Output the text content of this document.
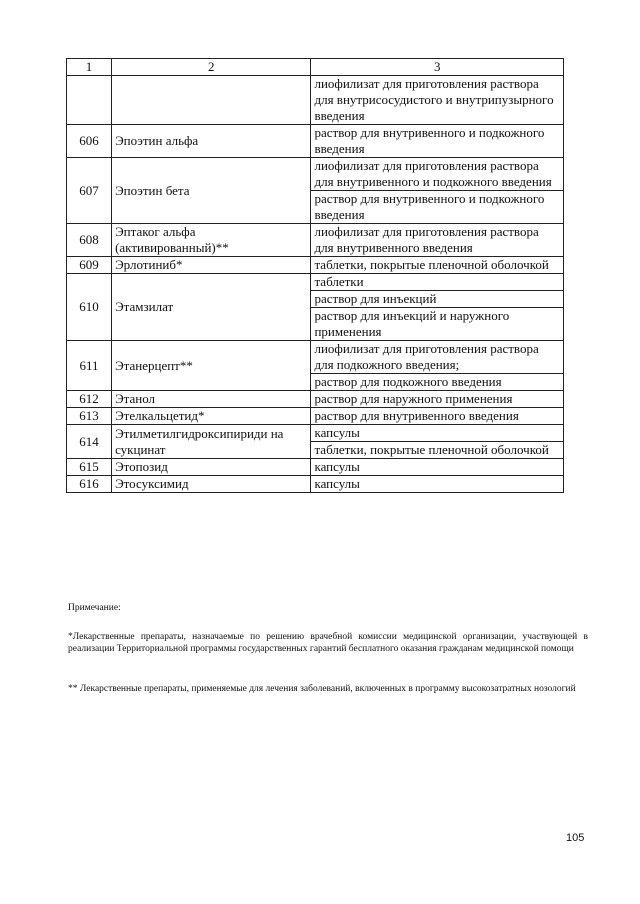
1	2	3
		лиофилизат для приготовления раствора для внутрисосудистого и внутрипузырного введения
606	Эпоэтин альфа	раствор для внутривенного и подкожного введения
607	Эпоэтин бета	лиофилизат для приготовления раствора для внутривенного и подкожного введения
		раствор для внутривенного и подкожного введения
608	Эптаког альфа (активированный)**	лиофилизат для приготовления раствора для внутривенного введения
609	Эрлотиниб*	таблетки, покрытые пленочной оболочкой
610	Этамзилат	таблетки
		раствор для инъекций
		раствор для инъекций и наружного применения
611	Этанерцепт**	лиофилизат для приготовления раствора для подкожного введения;
		раствор для подкожного введения
612	Этанол	раствор для наружного применения
613	Этелкальцетид*	раствор для внутривенного введения
614	Этилметилгидроксипириди на сукцинат	капсулы
		таблетки, покрытые пленочной оболочкой
615	Этопозид	капсулы
616	Этосуксимид	капсулы
Примечание:
*Лекарственные препараты, назначаемые по решению врачебной комиссии медицинской организации, участвующей в реализации Территориальной программы государственных гарантий бесплатного оказания гражданам медицинской помощи
** Лекарственные препараты, применяемые для лечения заболеваний, включенных в программу высокозатратных нозологий
105
